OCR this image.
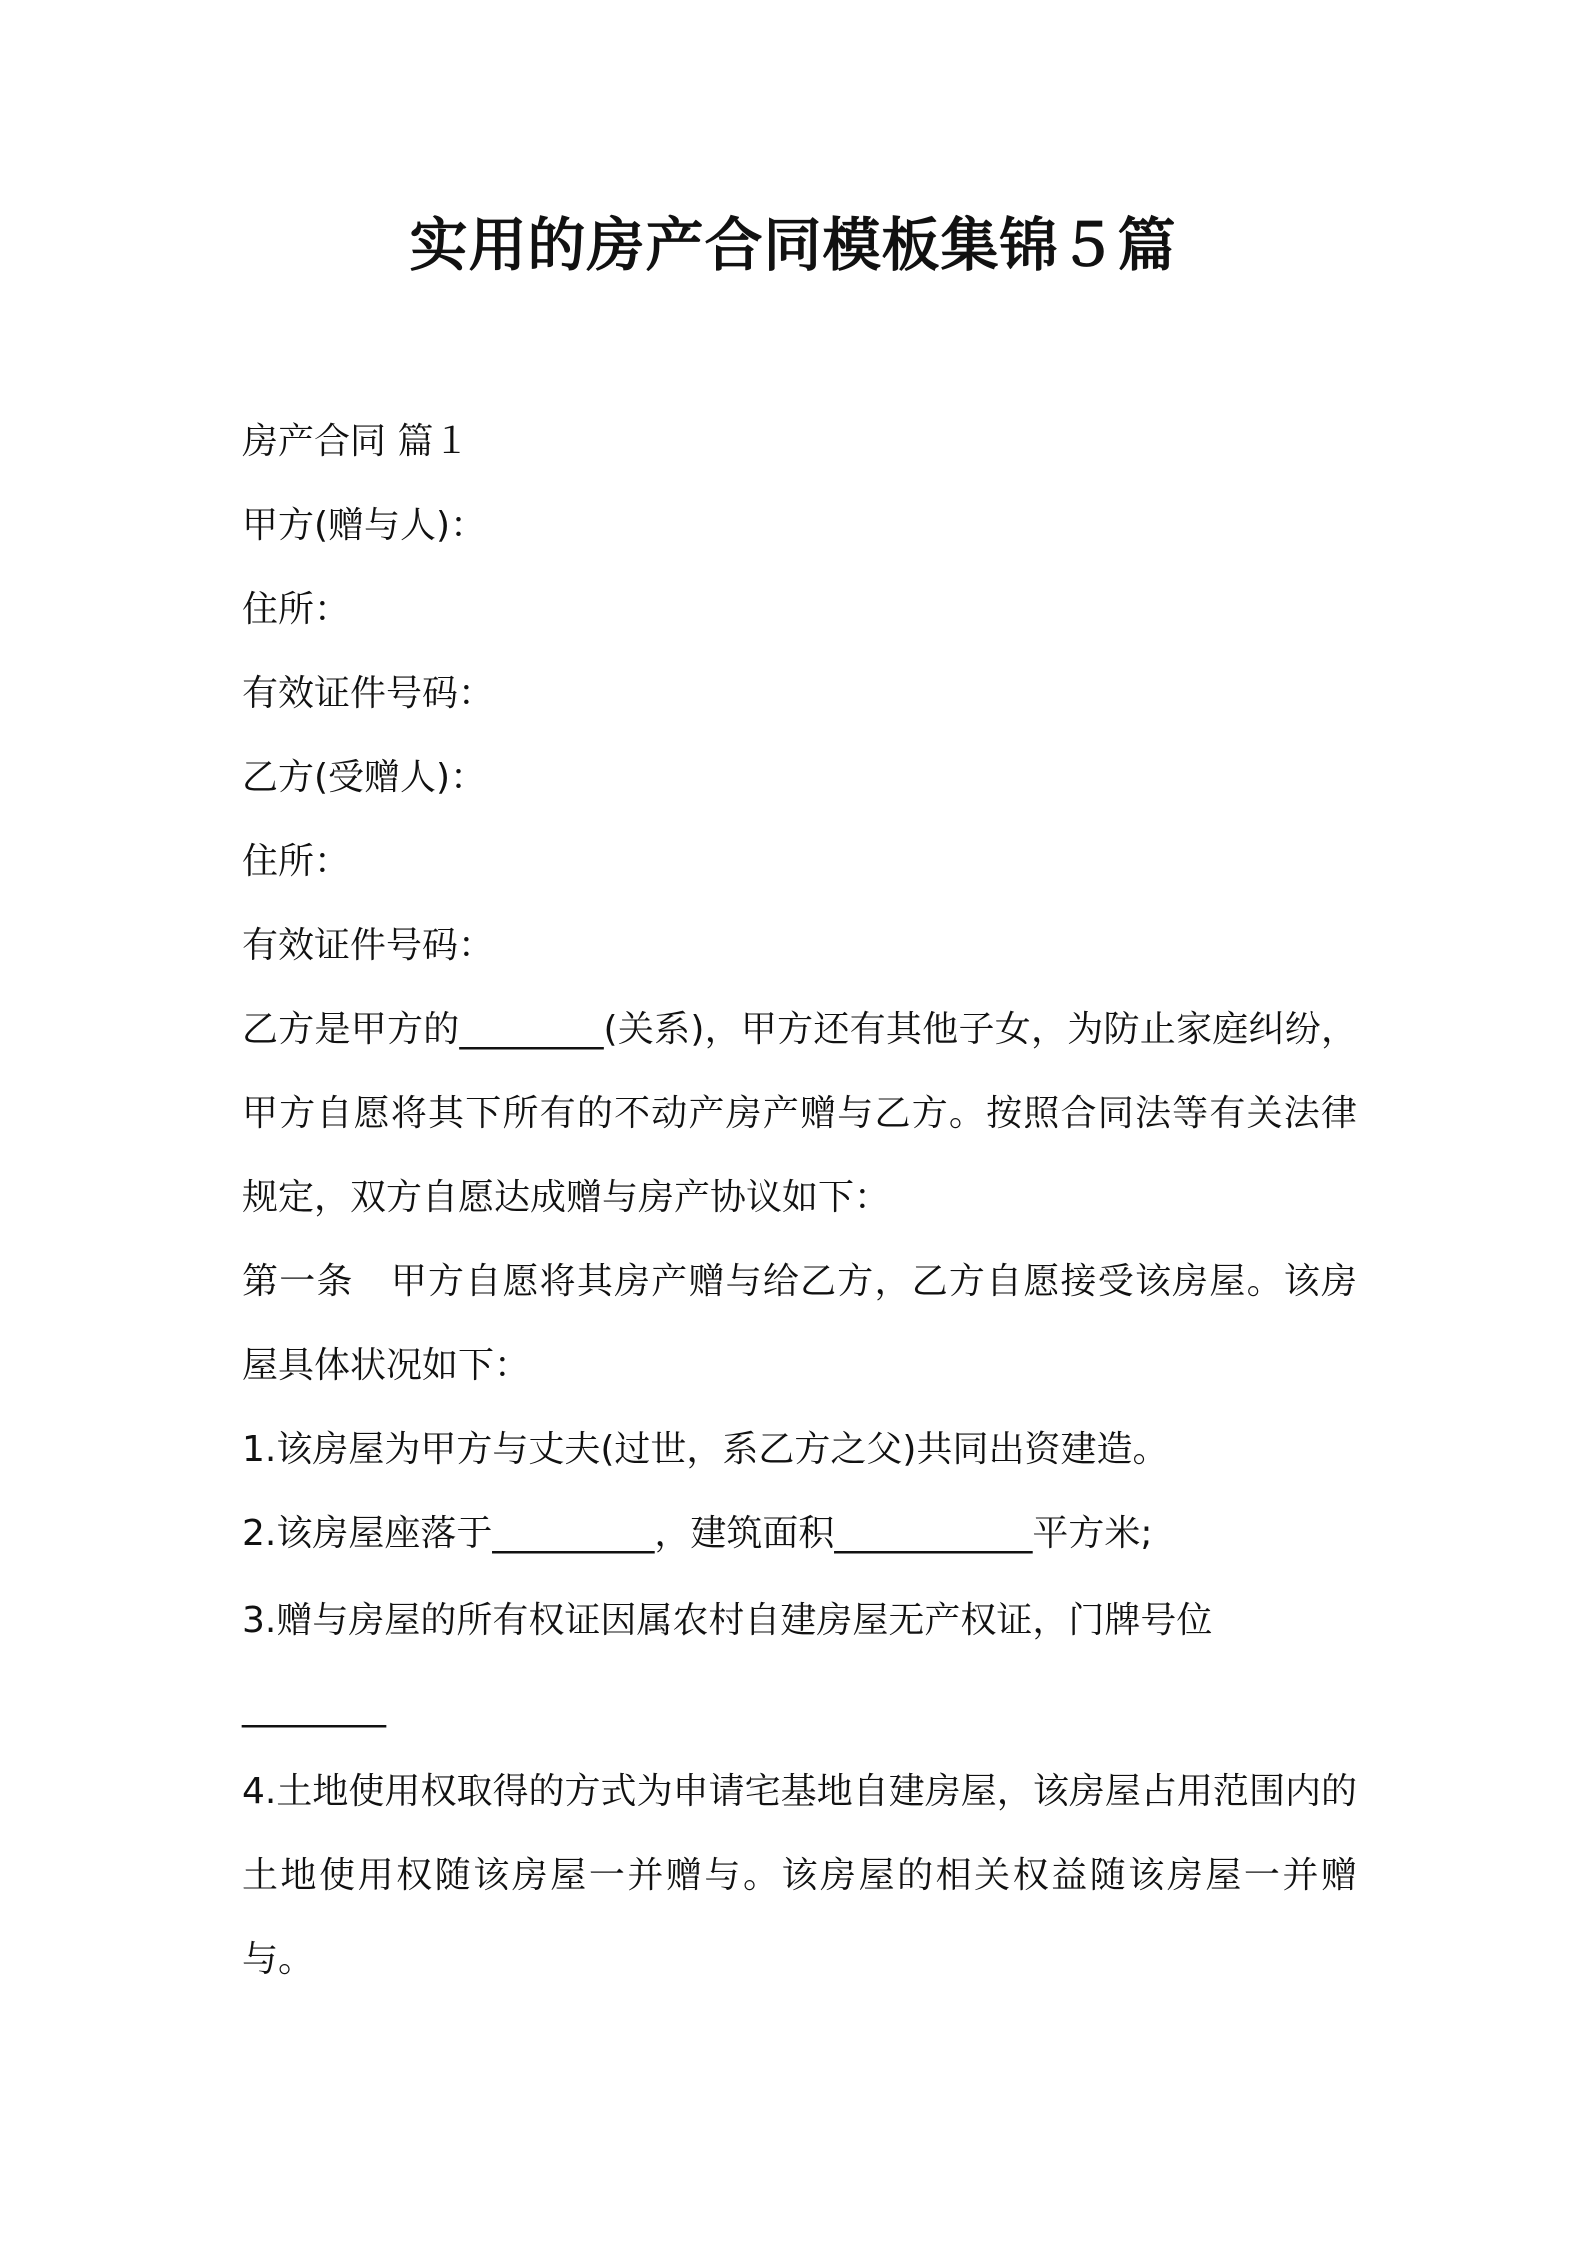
实用的房产合同模板集锦５篇

房产合同 篇１

甲方(赠与人)：

住所：

有效证件号码：

乙方(受赠人)：

住所：

有效证件号码：

乙方是甲方的________(关系)，甲方还有其他子女，为防止家庭纠纷，甲方自愿将其下所有的不动产房产赠与乙方。按照合同法等有关法律规定，双方自愿达成赠与房产协议如下：

第一条　甲方自愿将其房产赠与给乙方，乙方自愿接受该房屋。该房屋具体状况如下：

1.该房屋为甲方与丈夫(过世，系乙方之父)共同出资建造。

2.该房屋座落于_________，建筑面积___________平方米;

3.赠与房屋的所有权证因属农村自建房屋无产权证，门牌号位

________

4.土地使用权取得的方式为申请宅基地自建房屋，该房屋占用范围内的土地使用权随该房屋一并赠与。该房屋的相关权益随该房屋一并赠与。
